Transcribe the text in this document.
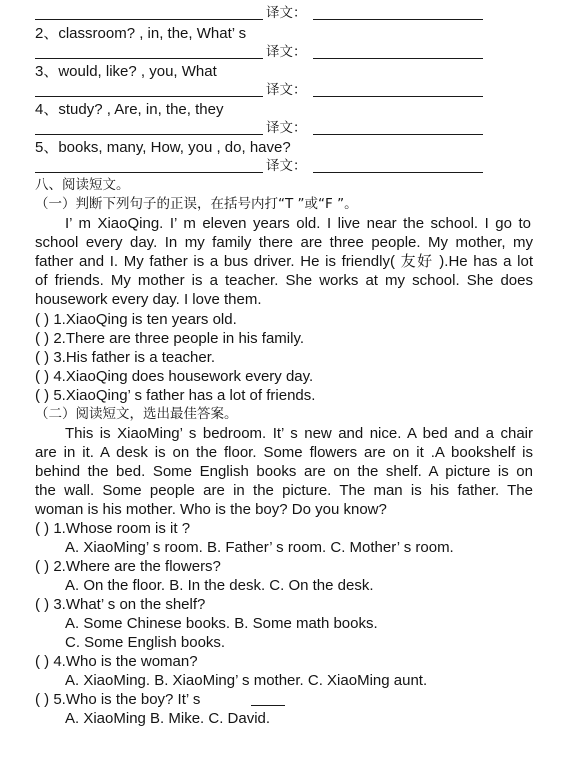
译文：
2、classroom? , in, the, What’ s
译文：
3、would, like? , you, What
译文：
4、study? , Are, in, the, they
译文：
5、books, many, How, you , do, have?
译文：
八、阅读短文。
（一）判断下列句子的正误，在括号内打“T ”或“F ”。
I’ m XiaoQing. I’ m eleven years old. I live near the school. I go to
school every day. In my family there are three people. My mother, my
father and I. My father is a bus driver. He is friendly( 友好 ).He has a lot
of friends. My mother is a teacher. She works at my school. She does
housework every day. I love them.
( ) 1.XiaoQing is ten years old.
( ) 2.There are three people in his family.
( ) 3.His father is a teacher.
( ) 4.XiaoQing does housework every day.
( ) 5.XiaoQing’ s father has a lot of friends.
（二）阅读短文，选出最佳答案。
This is XiaoMing’ s bedroom. It’ s new and nice. A bed and a chair
are in it. A desk is on the floor. Some flowers are on it .A bookshelf is
behind the bed. Some English books are on the shelf. A picture is on
the wall. Some people are in the picture. The man is his father. The
woman is his mother. Who is the boy? Do you know?
( ) 1.Whose room is it ?
A. XiaoMing’ s room. B. Father’ s room. C. Mother’ s room.
( ) 2.Where are the flowers?
A. On the floor. B. In the desk. C. On the desk.
( ) 3.What’ s on the shelf?
A. Some Chinese books. B. Some math books.
C. Some English books.
( ) 4.Who is the woman?
A. XiaoMing. B. XiaoMing’ s mother. C. XiaoMing aunt.
( ) 5.Who is the boy? It’ s
A. XiaoMing B. Mike. C. David.
